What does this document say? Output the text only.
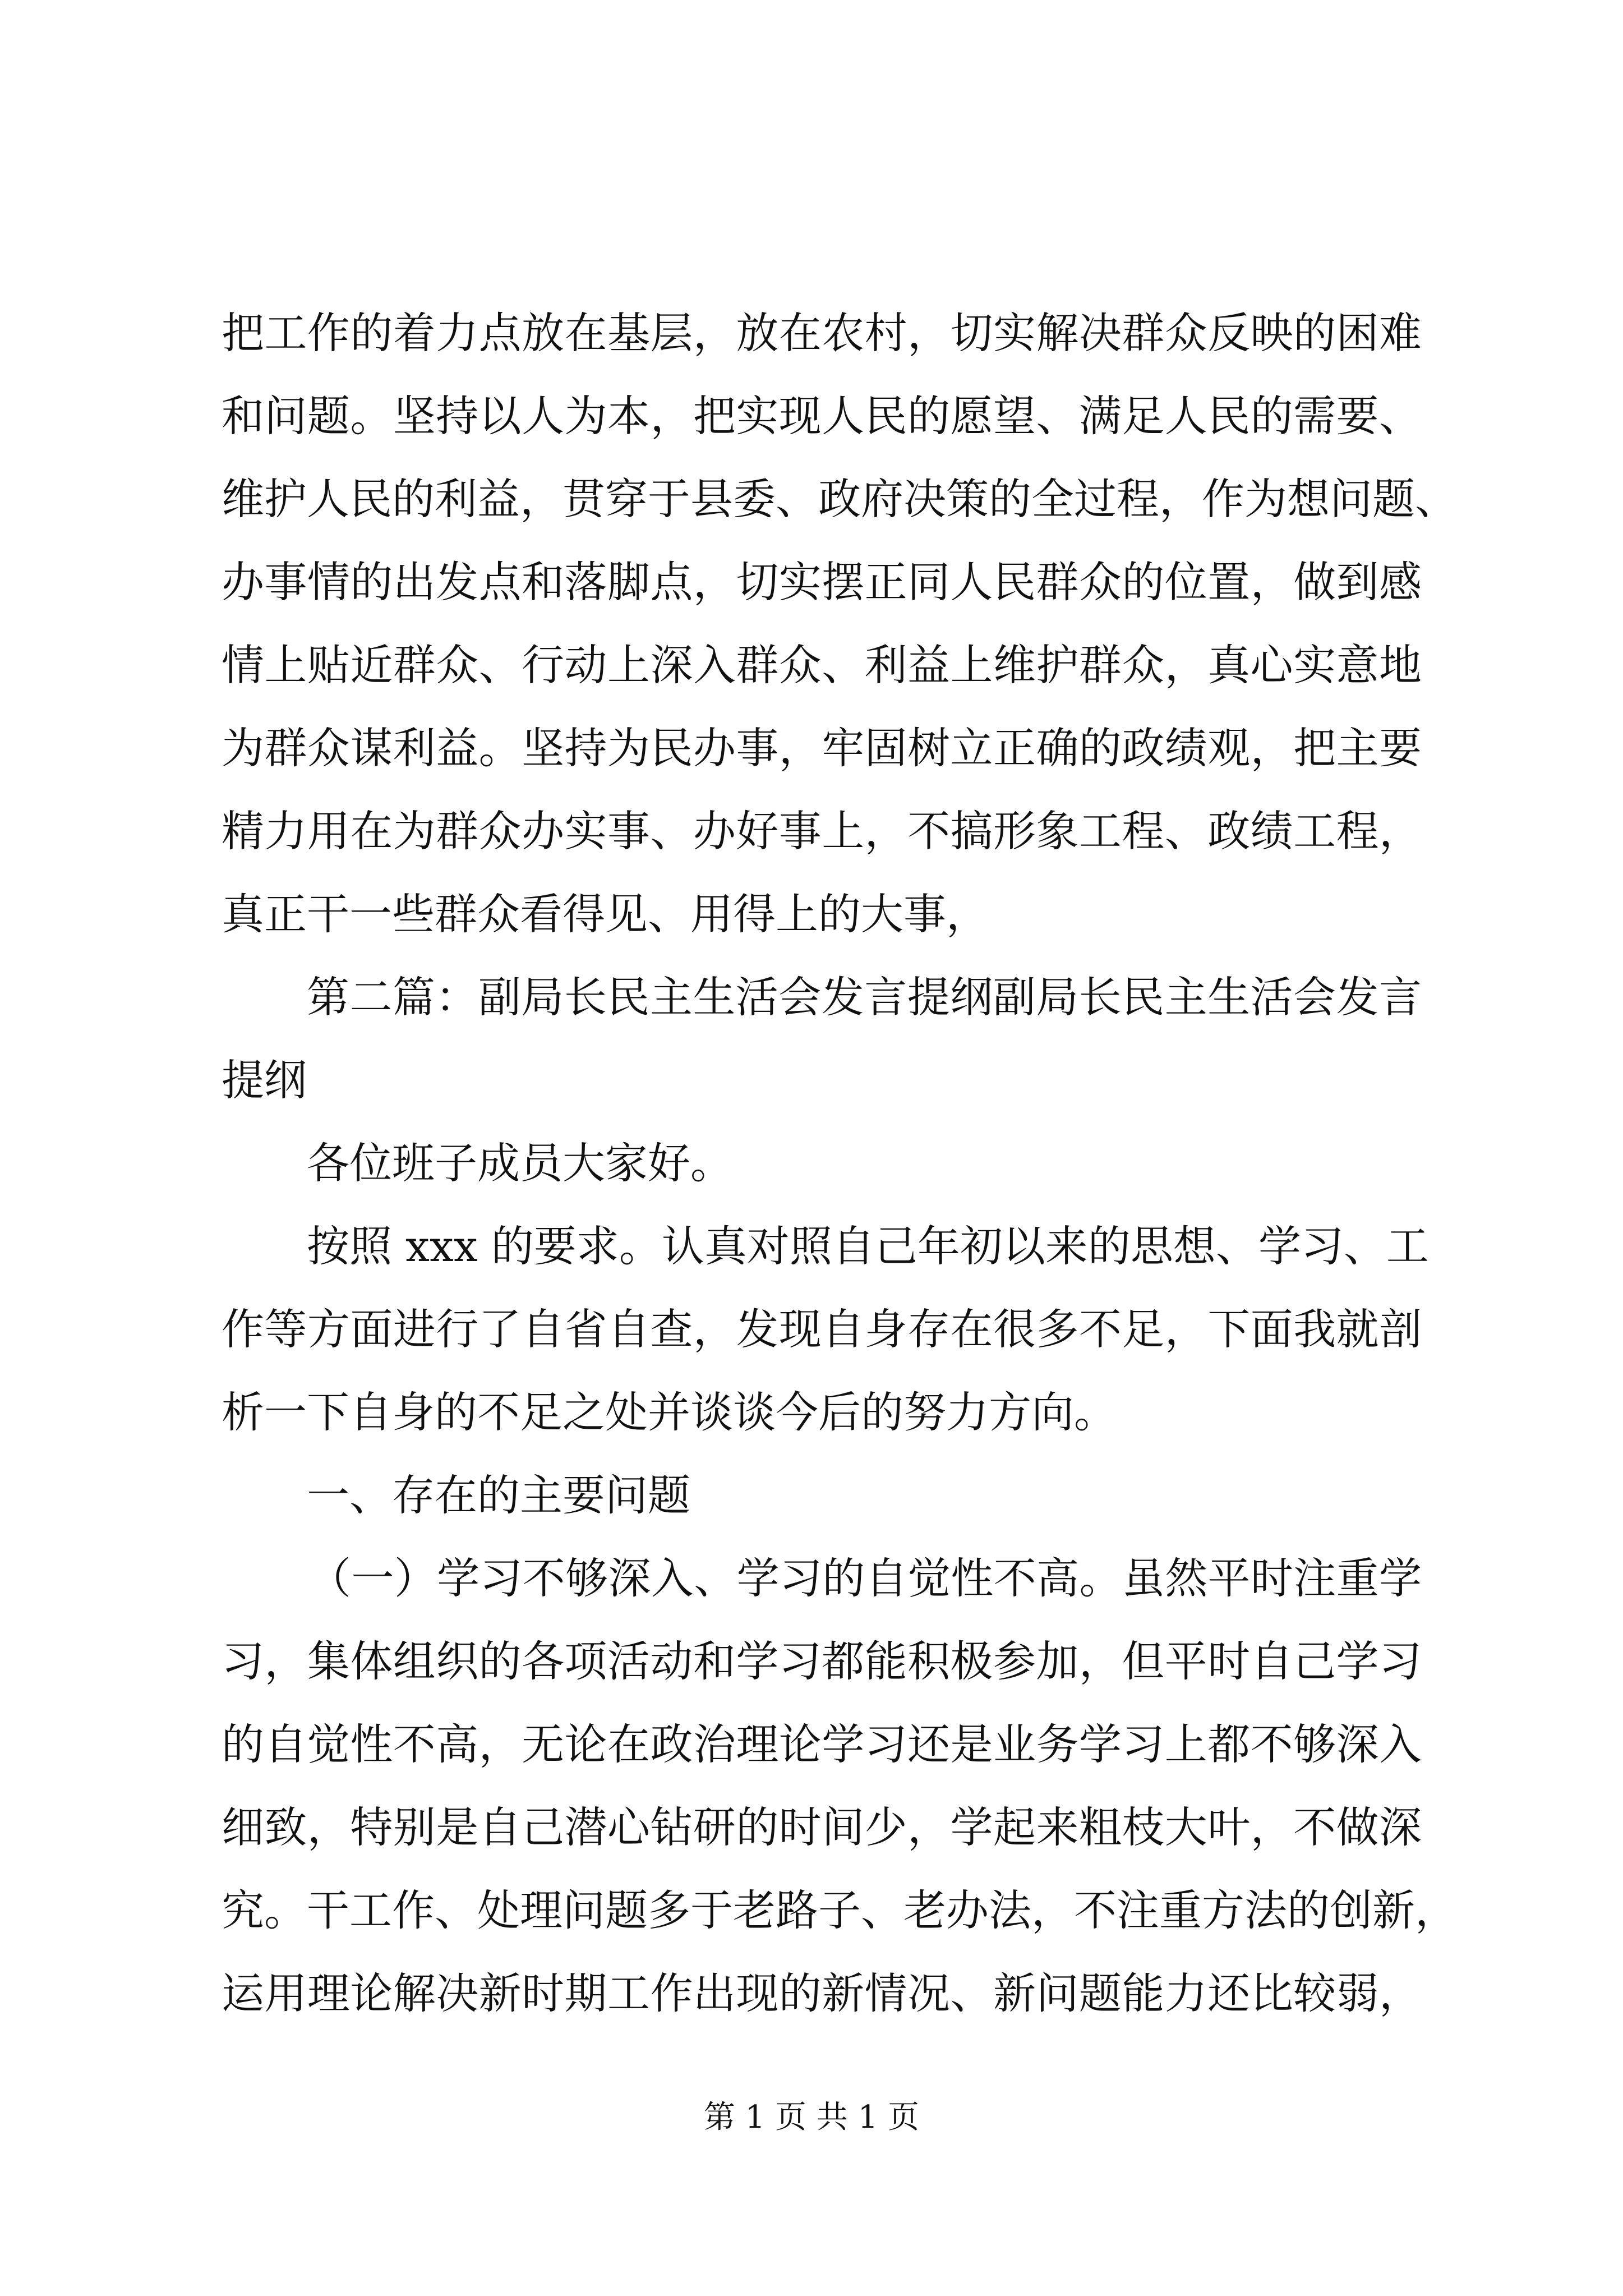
把工作的着力点放在基层，放在农村，切实解决群众反映的困难
和问题。坚持以人为本，把实现人民的愿望、满足人民的需要、
维护人民的利益，贯穿于县委、政府决策的全过程，作为想问题、
办事情的出发点和落脚点，切实摆正同人民群众的位置，做到感
情上贴近群众、行动上深入群众、利益上维护群众，真心实意地
为群众谋利益。坚持为民办事，牢固树立正确的政绩观，把主要
精力用在为群众办实事、办好事上，不搞形象工程、政绩工程，
真正干一些群众看得见、用得上的大事，
第二篇：副局长民主生活会发言提纲副局长民主生活会发言
提纲
各位班子成员大家好。
按照 xxx 的要求。认真对照自己年初以来的思想、学习、工
作等方面进行了自省自查，发现自身存在很多不足，下面我就剖
析一下自身的不足之处并谈谈今后的努力方向。
一、存在的主要问题
（一）学习不够深入、学习的自觉性不高。虽然平时注重学
习，集体组织的各项活动和学习都能积极参加，但平时自己学习
的自觉性不高，无论在政治理论学习还是业务学习上都不够深入
细致，特别是自己潜心钻研的时间少，学起来粗枝大叶，不做深
究。干工作、处理问题多于老路子、老办法，不注重方法的创新，
运用理论解决新时期工作出现的新情况、新问题能力还比较弱，
第 1 页 共 1 页
